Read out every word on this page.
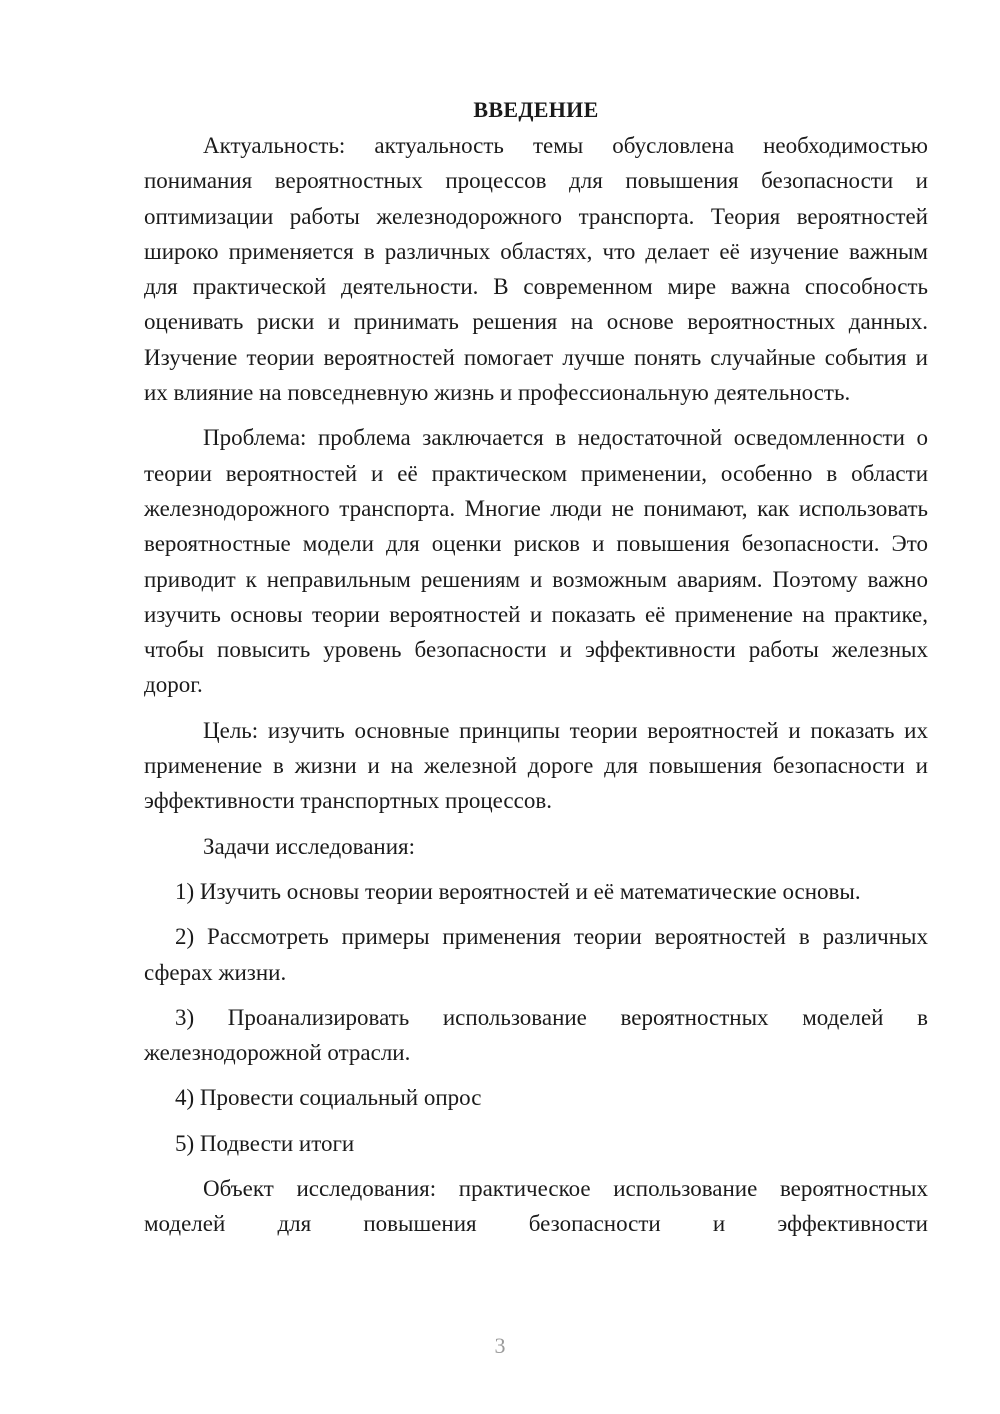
ВВЕДЕНИЕ

Актуальность: актуальность темы обусловлена необходимостью понимания вероятностных процессов для повышения безопасности и оптимизации работы железнодорожного транспорта. Теория вероятностей широко применяется в различных областях, что делает её изучение важным для практической деятельности. В современном мире важна способность оценивать риски и принимать решения на основе вероятностных данных. Изучение теории вероятностей помогает лучше понять случайные события и их влияние на повседневную жизнь и профессиональную деятельность.

Проблема: проблема заключается в недостаточной осведомленности о теории вероятностей и её практическом применении, особенно в области железнодорожного транспорта. Многие люди не понимают, как использовать вероятностные модели для оценки рисков и повышения безопасности. Это приводит к неправильным решениям и возможным авариям. Поэтому важно изучить основы теории вероятностей и показать её применение на практике, чтобы повысить уровень безопасности и эффективности работы железных дорог.

Цель: изучить основные принципы теории вероятностей и показать их применение в жизни и на железной дороге для повышения безопасности и эффективности транспортных процессов.

Задачи исследования:

1) Изучить основы теории вероятностей и её математические основы.

2) Рассмотреть примеры применения теории вероятностей в различных сферах жизни.

3) Проанализировать использование вероятностных моделей в железнодорожной отрасли.

4) Провести социальный опрос

5) Подвести итоги

Объект исследования: практическое использование вероятностных моделей для повышения безопасности и эффективности

3
